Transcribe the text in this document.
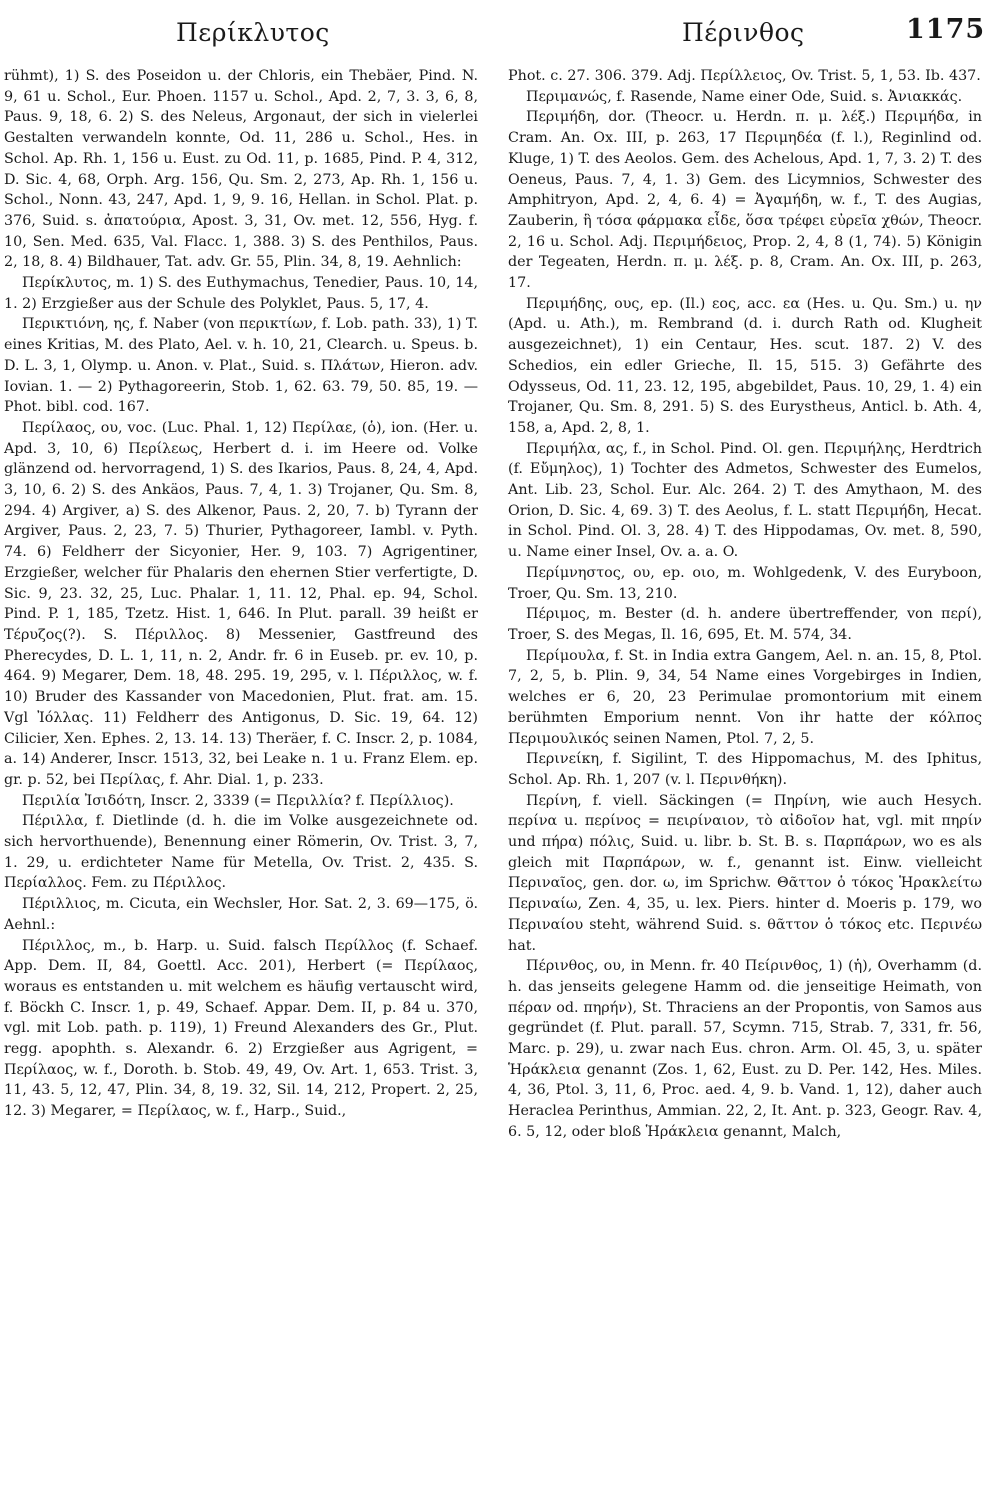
Περίκλυτος	Πέρινθος	1175

rühmt), 1) S. des Poseidon u. der Chloris, ein Thebäer, Pind. N. 9, 61 u. Schol., Eur. Phoen. 1157 u. Schol., Apd. 2, 7, 3. 3, 6, 8, Paus. 9, 18, 6. 2) S. des Neleus, Argonaut, der sich in vielerlei Gestalten verwandeln konnte, Od. 11, 286 u. Schol., Hes. in Schol. Ap. Rh. 1, 156 u. Eust. zu Od. 11, p. 1685, Pind. P. 4, 312, D. Sic. 4, 68, Orph. Arg. 156, Qu. Sm. 2, 273, Ap. Rh. 1, 156 u. Schol., Nonn. 43, 247, Apd. 1, 9, 9. 16, Hellan. in Schol. Plat. p. 376, Suid. s. ἀπατούρια, Apost. 3, 31, Ov. met. 12, 556, Hyg. f. 10, Sen. Med. 635, Val. Flacc. 1, 388. 3) S. des Penthilos, Paus. 2, 18, 8. 4) Bildhauer, Tat. adv. Gr. 55, Plin. 34, 8, 19. Aehnlich:

Περίκλυτος, m. 1) S. des Euthymachus, Tenedier, Paus. 10, 14, 1. 2) Erzgießer aus der Schule des Polyklet, Paus. 5, 17, 4.

Περικτιόνη, ης, f. Naber (von περικτίων, f. Lob. path. 33), 1) T. eines Kritias, M. des Plato, Ael. v. h. 10, 21, Clearch. u. Speus. b. D. L. 3, 1, Olymp. u. Anon. v. Plat., Suid. s. Πλάτων, Hieron. adv. Iovian. 1. — 2) Pythagoreerin, Stob. 1, 62. 63. 79, 50. 85, 19. — Phot. bibl. cod. 167.

Περίλαος, ου, voc. (Luc. Phal. 1, 12) Περίλαε, (ὁ), ion. (Her. u. Apd. 3, 10, 6) Περίλεως, Herbert d. i. im Heere od. Volke glänzend od. hervorragend, 1) S. des Ikarios, Paus. 8, 24, 4, Apd. 3, 10, 6. 2) S. des Ankäos, Paus. 7, 4, 1. 3) Trojaner, Qu. Sm. 8, 294. 4) Argiver, a) S. des Alkenor, Paus. 2, 20, 7. b) Tyrann der Argiver, Paus. 2, 23, 7. 5) Thurier, Pythagoreer, Iambl. v. Pyth. 74. 6) Feldherr der Sicyonier, Her. 9, 103. 7) Agrigentiner, Erzgießer, welcher für Phalaris den ehernen Stier verfertigte, D. Sic. 9, 23. 32, 25, Luc. Phalar. 1, 11. 12, Phal. ep. 94, Schol. Pind. P. 1, 185, Tzetz. Hist. 1, 646. In Plut. parall. 39 heißt er Τέρυζος(?). S. Πέριλλος. 8) Messenier, Gastfreund des Pherecydes, D. L. 1, 11, n. 2, Andr. fr. 6 in Euseb. pr. ev. 10, p. 464. 9) Megarer, Dem. 18, 48. 295. 19, 295, v. l. Πέριλλος, w. f. 10) Bruder des Kassander von Macedonien, Plut. frat. am. 15. Vgl Ἰόλλας. 11) Feldherr des Antigonus, D. Sic. 19, 64. 12) Cilicier, Xen. Ephes. 2, 13. 14. 13) Theräer, f. C. Inscr. 2, p. 1084, a. 14) Anderer, Inscr. 1513, 32, bei Leake n. 1 u. Franz Elem. ep. gr. p. 52, bei Περίλας, f. Ahr. Dial. 1, p. 233.

Περιλία Ἰσιδότη, Inscr. 2, 3339 (= Περιλλία? f. Περίλλιος).

Πέριλλα, f. Dietlinde (d. h. die im Volke ausgezeichnete od. sich hervorthuende), Benennung einer Römerin, Ov. Trist. 3, 7, 1. 29, u. erdichteter Name für Metella, Ov. Trist. 2, 435. S. Περίαλλος. Fem. zu Πέριλλος.

Πέριλλιος, m. Cicuta, ein Wechsler, Hor. Sat. 2, 3. 69—175, ö. Aehnl.:

Πέριλλος, m., b. Harp. u. Suid. falsch Περίλλος (f. Schaef. App. Dem. II, 84, Goettl. Acc. 201), Herbert (= Περίλαος, woraus es entstanden u. mit welchem es häufig vertauscht wird, f. Böckh C. Inscr. 1, p. 49, Schaef. Appar. Dem. II, p. 84 u. 370, vgl. mit Lob. path. p. 119), 1) Freund Alexanders des Gr., Plut. regg. apophth. s. Alexandr. 6. 2) Erzgießer aus Agrigent, = Περίλαος, w. f., Doroth. b. Stob. 49, 49, Ov. Art. 1, 653. Trist. 3, 11, 43. 5, 12, 47, Plin. 34, 8, 19. 32, Sil. 14, 212, Propert. 2, 25, 12. 3) Megarer, = Περίλαος, w. f., Harp., Suid.,

Phot. c. 27. 306. 379. Adj. Περίλλειος, Ov. Trist. 5, 1, 53. Ib. 437.

Περιμανώς, f. Rasende, Name einer Ode, Suid. s. Ἀνιακκάς.

Περιμήδη, dor. (Theocr. u. Herdn. π. μ. λέξ.) Περιμήδα, in Cram. An. Ox. III, p. 263, 17 Περιμηδέα (f. l.), Reginlind od. Kluge, 1) T. des Aeolos. Gem. des Achelous, Apd. 1, 7, 3. 2) T. des Oeneus, Paus. 7, 4, 1. 3) Gem. des Licymnios, Schwester des Amphitryon, Apd. 2, 4, 6. 4) = Ἀγαμήδη, w. f., T. des Augias, Zauberin, ἣ τόσα φάρμακα εἶδε, ὅσα τρέφει εὐρεῖα χθών, Theocr. 2, 16 u. Schol. Adj. Περιμήδειος, Prop. 2, 4, 8 (1, 74). 5) Königin der Tegeaten, Herdn. π. μ. λέξ. p. 8, Cram. An. Ox. III, p. 263, 17.

Περιμήδης, ους, ep. (Il.) εος, acc. εα (Hes. u. Qu. Sm.) u. ην (Apd. u. Ath.), m. Rembrand (d. i. durch Rath od. Klugheit ausgezeichnet), 1) ein Centaur, Hes. scut. 187. 2) V. des Schedios, ein edler Grieche, Il. 15, 515. 3) Gefährte des Odysseus, Od. 11, 23. 12, 195, abgebildet, Paus. 10, 29, 1. 4) ein Trojaner, Qu. Sm. 8, 291. 5) S. des Eurystheus, Anticl. b. Ath. 4, 158, a, Apd. 2, 8, 1.

Περιμήλα, ας, f., in Schol. Pind. Ol. gen. Περιμήλης, Herdtrich (f. Εὔμηλος), 1) Tochter des Admetos, Schwester des Eumelos, Ant. Lib. 23, Schol. Eur. Alc. 264. 2) T. des Amythaon, M. des Orion, D. Sic. 4, 69. 3) T. des Aeolus, f. L. statt Περιμήδη, Hecat. in Schol. Pind. Ol. 3, 28. 4) T. des Hippodamas, Ov. met. 8, 590, u. Name einer Insel, Ov. a. a. O.

Περίμνηστος, ου, ep. οιο, m. Wohlgedenk, V. des Euryboon, Troer, Qu. Sm. 13, 210.

Πέριμος, m. Bester (d. h. andere übertreffender, von περί), Troer, S. des Megas, Il. 16, 695, Et. M. 574, 34.

Περίμουλα, f. St. in India extra Gangem, Ael. n. an. 15, 8, Ptol. 7, 2, 5, b. Plin. 9, 34, 54 Name eines Vorgebirges in Indien, welches er 6, 20, 23 Perimulae promontorium mit einem berühmten Emporium nennt. Von ihr hatte der κόλπος Περιμουλικός seinen Namen, Ptol. 7, 2, 5.

Περινείκη, f. Sigilint, T. des Hippomachus, M. des Iphitus, Schol. Ap. Rh. 1, 207 (v. l. Περινθήκη).

Περίνη, f. viell. Säckingen (= Πηρίνη, wie auch Hesych. περίνα u. περίνος = πειρίναιον, τὸ αἰδοῖον hat, vgl. mit πηρίν und πήρα) πόλις, Suid. u. libr. b. St. B. s. Παρπάρων, wo es als gleich mit Παρπάρων, w. f., genannt ist. Einw. vielleicht Περιναῖος, gen. dor. ω, im Sprichw. Θᾶττον ὁ τόκος Ἡρακλείτω Περιναίω, Zen. 4, 35, u. lex. Piers. hinter d. Moeris p. 179, wo Περιναίου steht, während Suid. s. θᾶττον ὁ τόκος etc. Περινέω hat.

Πέρινθος, ου, in Menn. fr. 40 Πείρινθος, 1) (ἡ), Overhamm (d. h. das jenseits gelegene Hamm od. die jenseitige Heimath, von πέραν od. πηρήν), St. Thraciens an der Propontis, von Samos aus gegründet (f. Plut. parall. 57, Scymn. 715, Strab. 7, 331, fr. 56, Marc. p. 29), u. zwar nach Eus. chron. Arm. Ol. 45, 3, u. später Ἡράκλεια genannt (Zos. 1, 62, Eust. zu D. Per. 142, Hes. Miles. 4, 36, Ptol. 3, 11, 6, Proc. aed. 4, 9. b. Vand. 1, 12), daher auch Heraclea Perinthus, Ammian. 22, 2, It. Ant. p. 323, Geogr. Rav. 4, 6. 5, 12, oder bloß Ἡράκλεια genannt, Malch,
